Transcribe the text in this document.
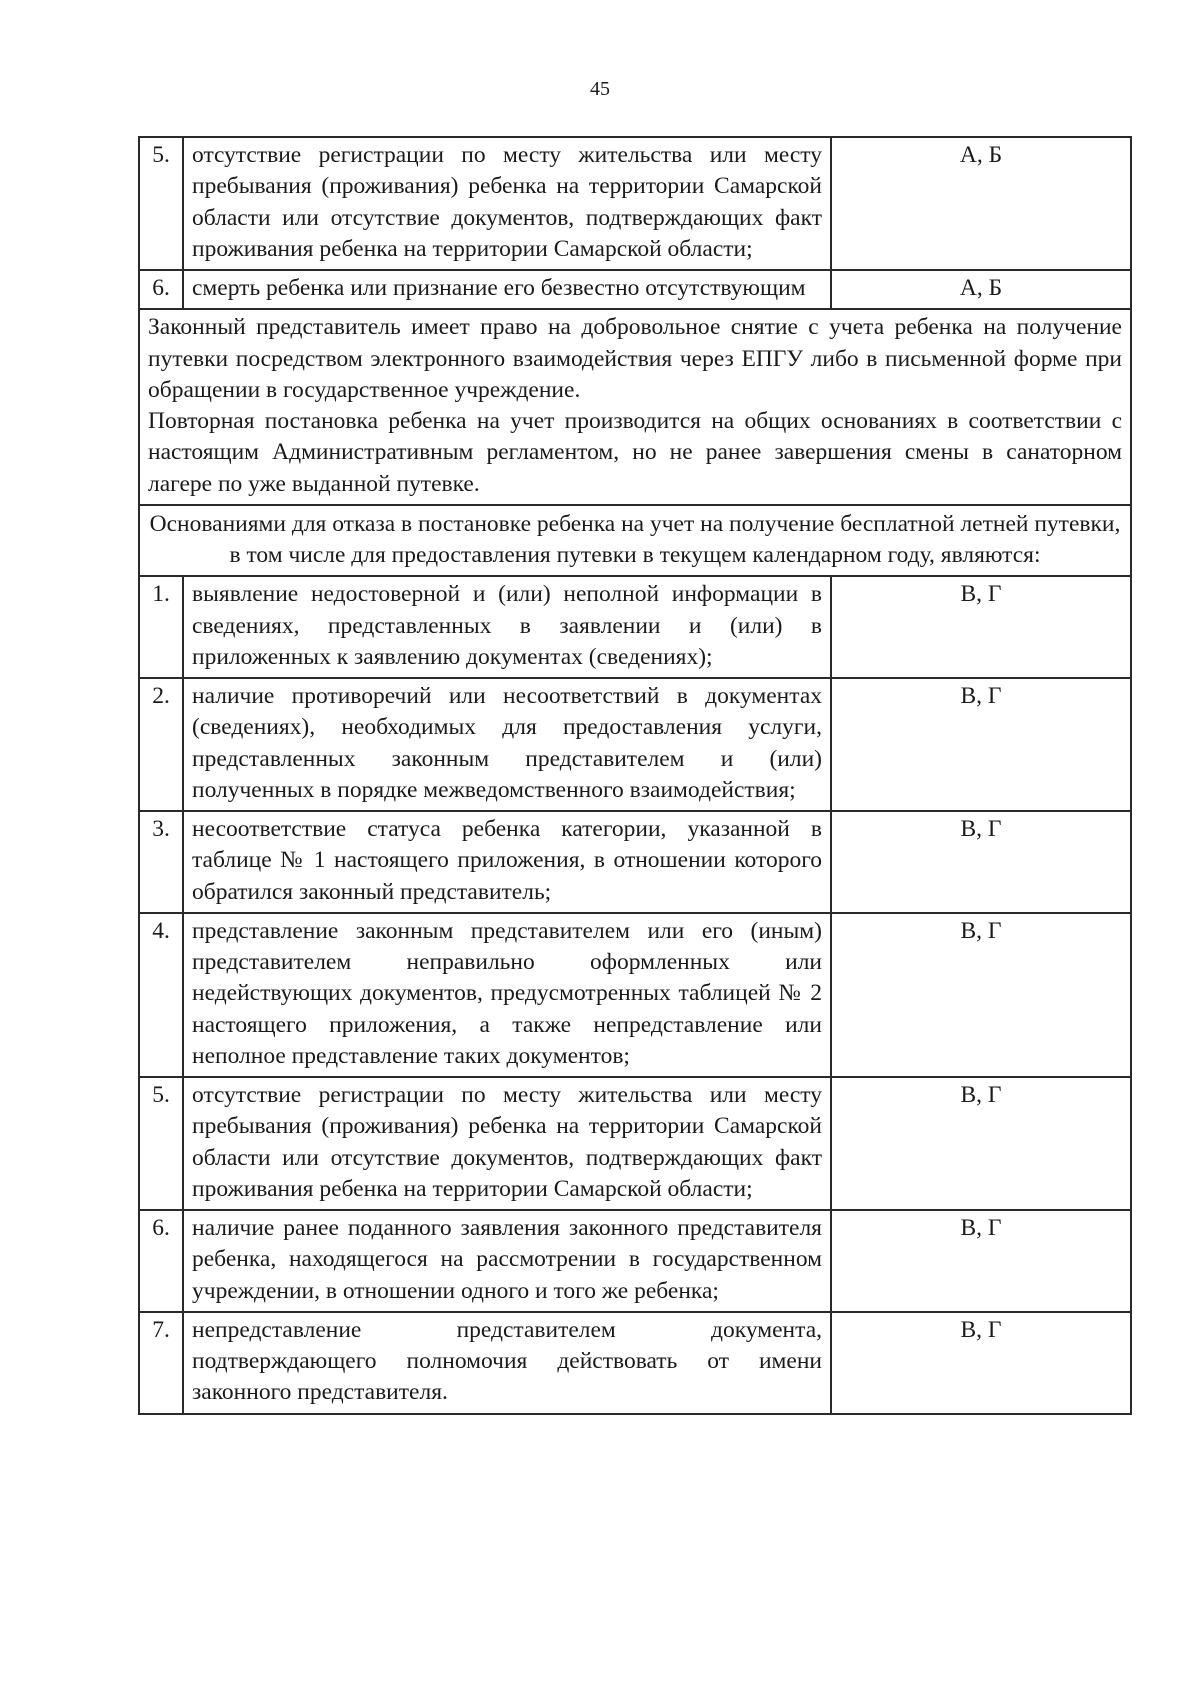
45
5.	отсутствие регистрации по месту жительства или месту пребывания (проживания) ребенка на территории Самарской области или отсутствие документов, подтверждающих факт проживания ребенка на территории Самарской области;	А, Б
6.	смерть ребенка или признание его безвестно отсутствующим	А, Б

Законный представитель имеет право на добровольное снятие с учета ребенка на получение путевки посредством электронного взаимодействия через ЕПГУ либо в письменной форме при обращении в государственное учреждение.

Повторная постановка ребенка на учет производится на общих основаниях в соответствии с настоящим Административным регламентом, но не ранее завершения смены в санаторном лагере по уже выданной путевке.		

Основаниями для отказа в постановке ребенка на учет на получение бесплатной летней путевки, в том числе для предоставления путевки в текущем календарном году, являются:		
1.	выявление недостоверной и (или) неполной информации в сведениях, представленных в заявлении и (или) в приложенных к заявлению документах (сведениях);	В, Г
2.	наличие противоречий или несоответствий в документах (сведениях), необходимых для предоставления услуги, представленных законным представителем и (или) полученных в порядке межведомственного взаимодействия;	В, Г
3.	несоответствие статуса ребенка категории, указанной в таблице № 1 настоящего приложения, в отношении которого обратился законный представитель;	В, Г
4.	представление законным представителем или его (иным) представителем неправильно оформленных или недействующих документов, предусмотренных таблицей № 2 настоящего приложения, а также непредставление или неполное представление таких документов;	В, Г
5.	отсутствие регистрации по месту жительства или месту пребывания (проживания) ребенка на территории Самарской области или отсутствие документов, подтверждающих факт проживания ребенка на территории Самарской области;	В, Г
6.	наличие ранее поданного заявления законного представителя ребенка, находящегося на рассмотрении в государственном учреждении, в отношении одного и того же ребенка;	В, Г
7.	непредставление представителем документа, подтверждающего полномочия действовать от имени законного представителя.	В, Г
